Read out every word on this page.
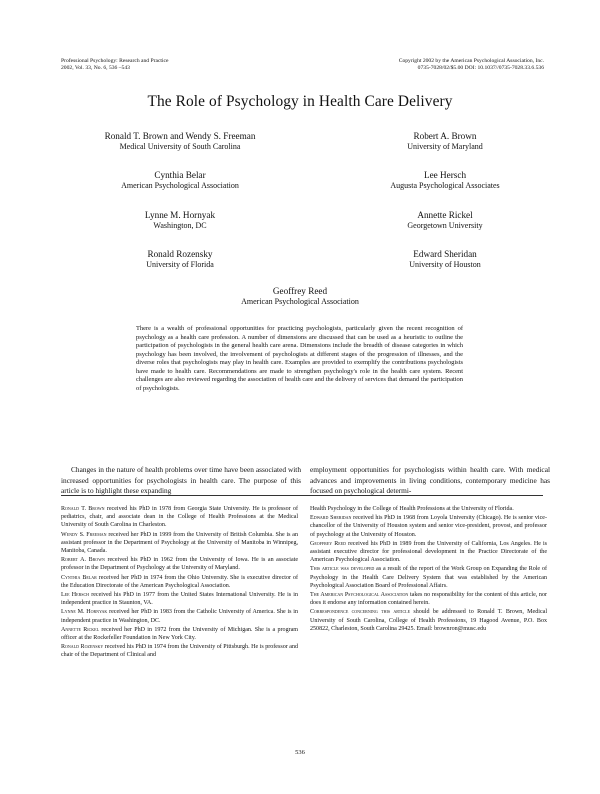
Professional Psychology: Research and Practice
2002, Vol. 33, No. 6, 536 –543
Copyright 2002 by the American Psychological Association, Inc.
0735-7028/02/$5.00 DOI: 10.1037//0735-7028.33.6.536
The Role of Psychology in Health Care Delivery
Ronald T. Brown and Wendy S. Freeman
Medical University of South Carolina
Robert A. Brown
University of Maryland
Cynthia Belar
American Psychological Association
Lee Hersch
Augusta Psychological Associates
Lynne M. Hornyak
Washington, DC
Annette Rickel
Georgetown University
Ronald Rozensky
University of Florida
Edward Sheridan
University of Houston
Geoffrey Reed
American Psychological Association
There is a wealth of professional opportunities for practicing psychologists, particularly given the recent recognition of psychology as a health care profession. A number of dimensions are discussed that can be used as a heuristic to outline the participation of psychologists in the general health care arena. Dimensions include the breadth of disease categories in which psychology has been involved, the involvement of psychologists at different stages of the progression of illnesses, and the diverse roles that psychologists may play in health care. Examples are provided to exemplify the contributions psychologists have made to health care. Recommendations are made to strengthen psychology's role in the health care system. Recent challenges are also reviewed regarding the association of health care and the delivery of services that demand the participation of psychologists.
Changes in the nature of health problems over time have been associated with increased opportunities for psychologists in health care. The purpose of this article is to highlight these expanding
employment opportunities for psychologists within health care. With medical advances and improvements in living conditions, contemporary medicine has focused on psychological determi-

Ronald T. Brown received his PhD in 1978 from Georgia State University. He is professor of pediatrics, chair, and associate dean in the College of Health Professions at the Medical University of South Carolina in Charleston.

Wendy S. Freeman received her PhD in 1999 from the University of British Columbia. She is an assistant professor in the Department of Psychology at the University of Manitoba in Winnipeg, Manitoba, Canada.

Robert A. Brown received his PhD in 1962 from the University of Iowa. He is an associate professor in the Department of Psychology at the University of Maryland.

Cynthia Belar received her PhD in 1974 from the Ohio University. She is executive director of the Education Directorate of the American Psychological Association.

Lee Hersch received his PhD in 1977 from the United States International University. He is in independent practice in Staunton, VA.

Lynne M. Hornyak received her PhD in 1983 from the Catholic University of America. She is in independent practice in Washington, DC.

Annette Rickel received her PhD in 1972 from the University of Michigan. She is a program officer at the Rockefeller Foundation in New York City.

Ronald Rozensky received his PhD in 1974 from the University of Pittsburgh. He is professor and chair of the Department of Clinical and

Health Psychology in the College of Health Professions at the University of Florida.

Edward Sheridan received his PhD in 1968 from Loyola University (Chicago). He is senior vice-chancellor of the University of Houston system and senior vice-president, provost, and professor of psychology at the University of Houston.

Geoffrey Reed received his PhD in 1989 from the University of California, Los Angeles. He is assistant executive director for professional development in the Practice Directorate of the American Psychological Association.

This article was developed as a result of the report of the Work Group on Expanding the Role of Psychology in the Health Care Delivery System that was established by the American Psychological Association Board of Professional Affairs.

The American Psychological Association takes no responsibility for the content of this article, nor does it endorse any information contained herein.

Correspondence concerning this article should be addressed to Ronald T. Brown, Medical University of South Carolina, College of Health Professions, 19 Hagood Avenue, P.O. Box 250822, Charleston, South Carolina 29425. Email: brownron@musc.edu

536
